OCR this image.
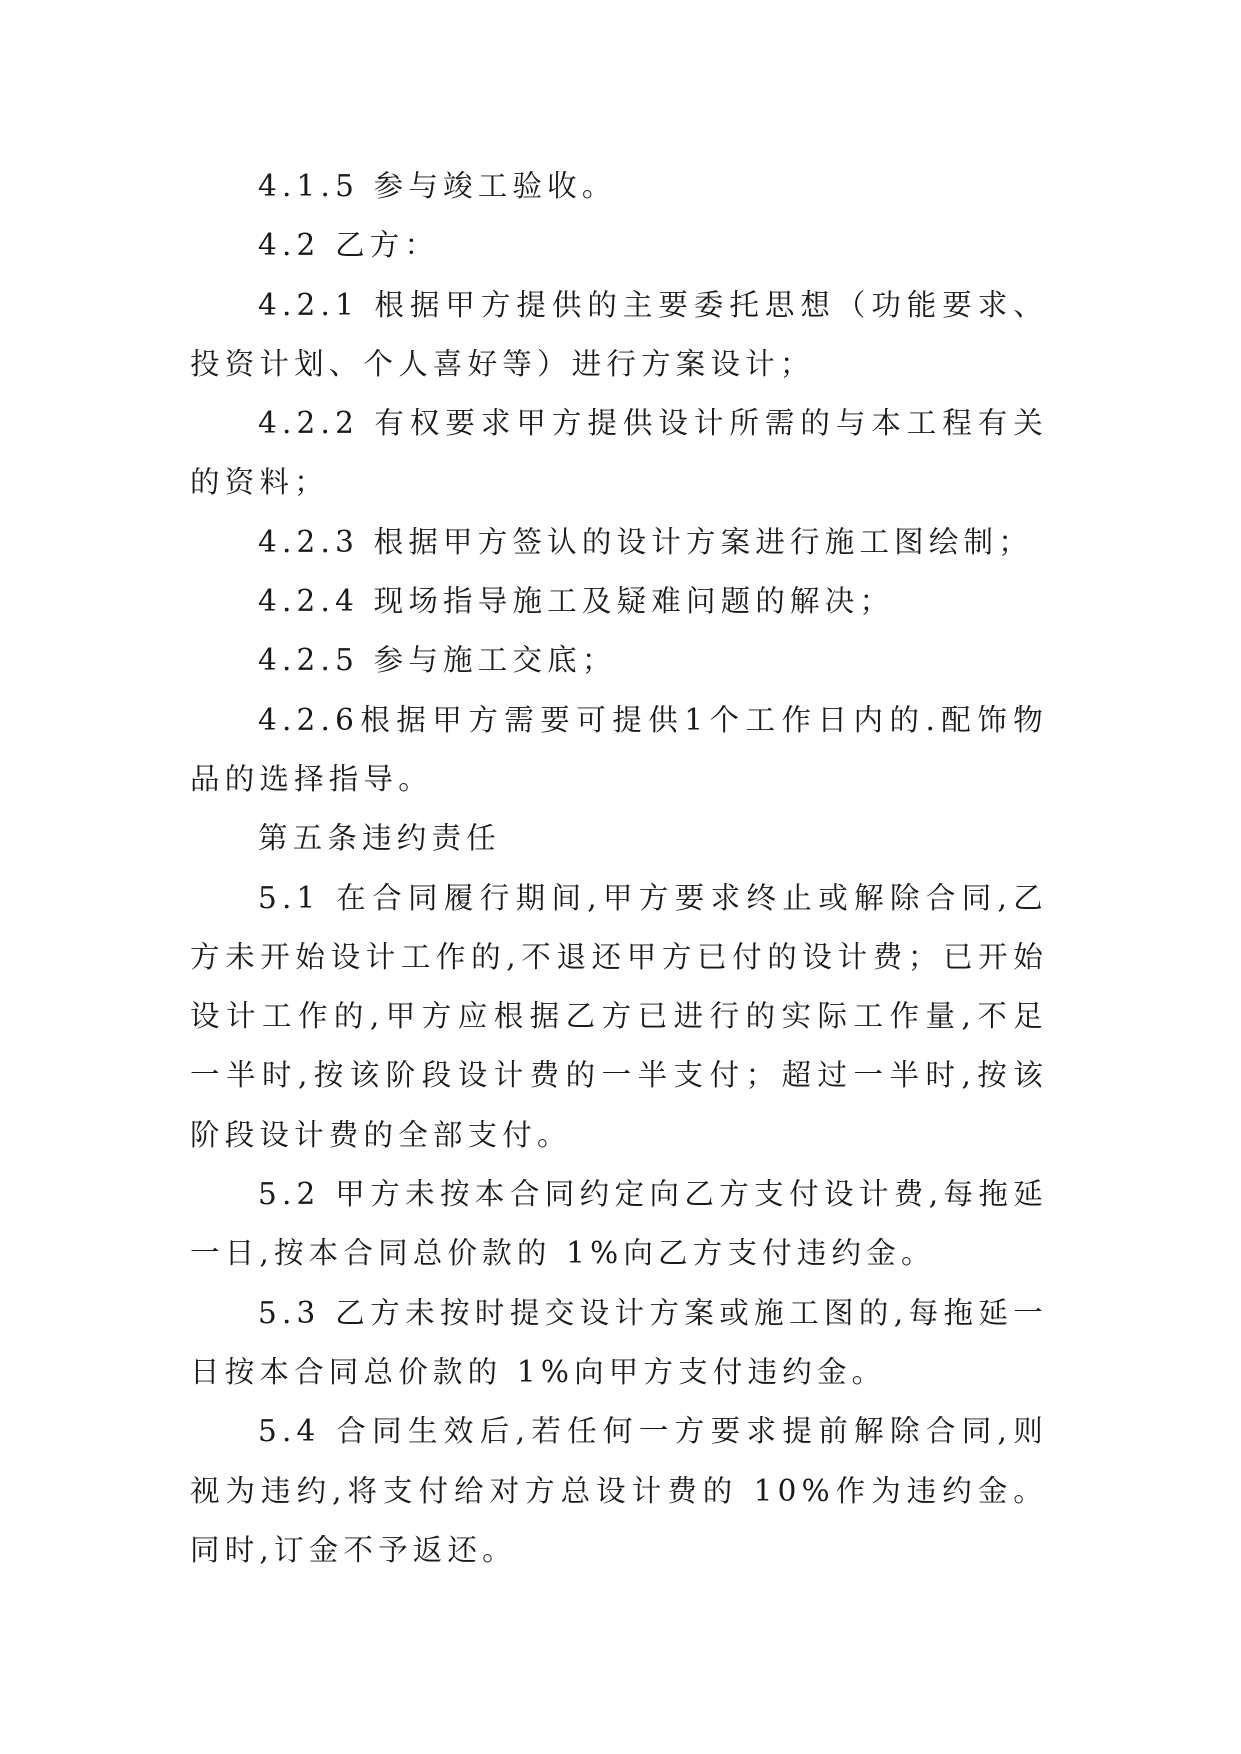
4.1.5 参与竣工验收。

4.2 乙方：

4.2.1 根据甲方提供的主要委托思想（功能要求、投资计划、个人喜好等）进行方案设计；

4.2.2 有权要求甲方提供设计所需的与本工程有关的资料；

4.2.3 根据甲方签认的设计方案进行施工图绘制；

4.2.4 现场指导施工及疑难问题的解决；

4.2.5 参与施工交底；

4.2.6根据甲方需要可提供1个工作日内的.配饰物品的选择指导。

第五条违约责任

5.1 在合同履行期间,甲方要求终止或解除合同,乙方未开始设计工作的,不退还甲方已付的设计费；已开始设计工作的,甲方应根据乙方已进行的实际工作量,不足一半时,按该阶段设计费的一半支付；超过一半时,按该阶段设计费的全部支付。

5.2 甲方未按本合同约定向乙方支付设计费,每拖延一日,按本合同总价款的 1%向乙方支付违约金。

5.3 乙方未按时提交设计方案或施工图的,每拖延一日按本合同总价款的 1%向甲方支付违约金。

5.4 合同生效后,若任何一方要求提前解除合同,则视为违约,将支付给对方总设计费的 10%作为违约金。同时,订金不予返还。
